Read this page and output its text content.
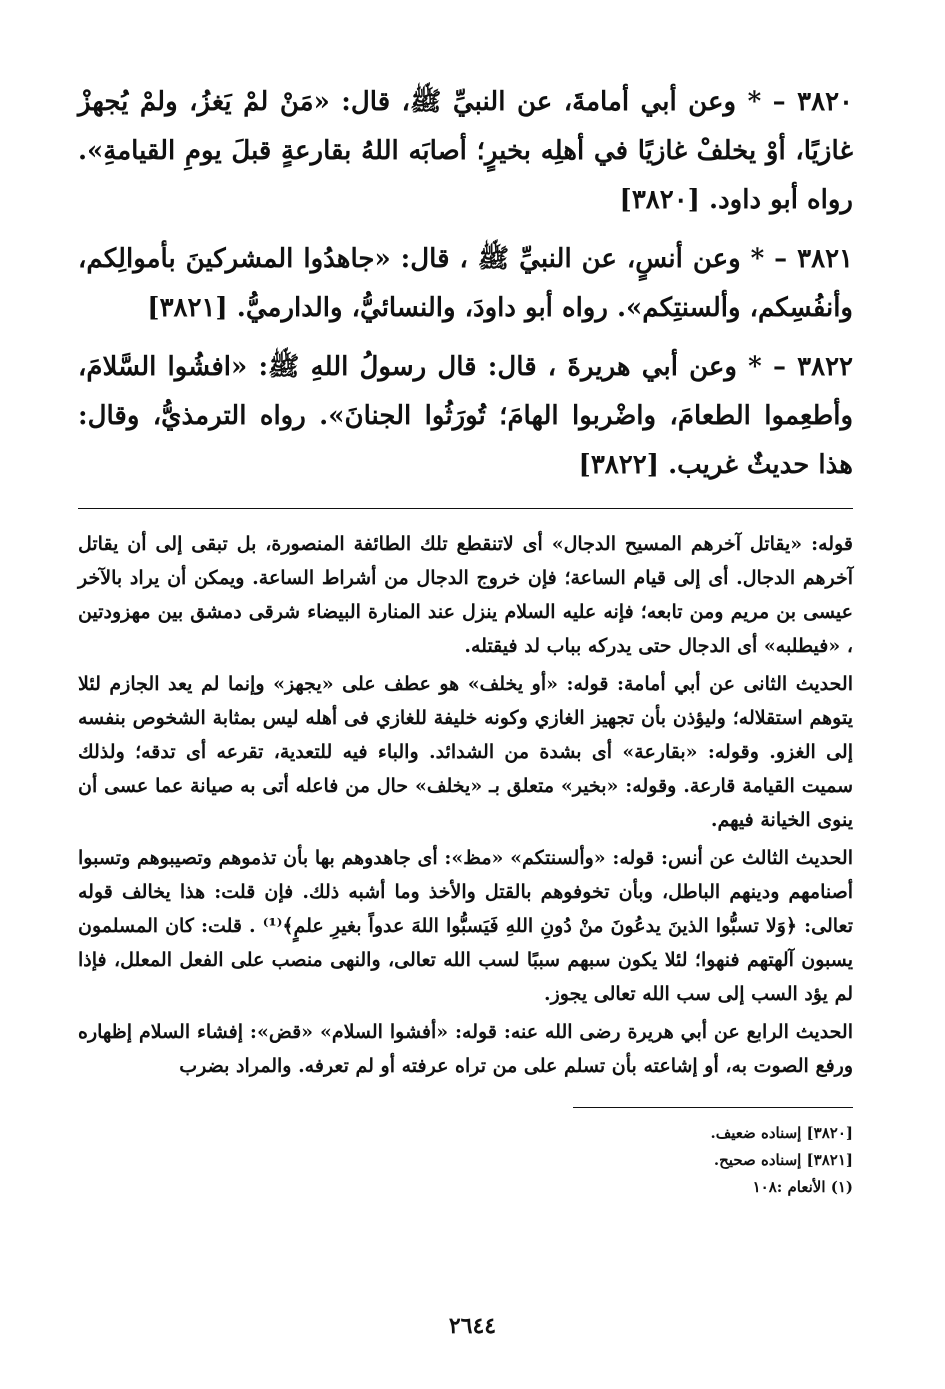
٣٨٢٠ – * وعن أبي أمامةَ، عن النبيِّ ﷺ، قال: «مَنْ لمْ يَغزُ، ولمْ يُجهزْ غازيًا، أوْ يخلفْ غازيًا في أهلِه بخيرٍ؛ أصابَه اللهُ بقارعةٍ قبلَ يومِ القيامةِ». رواه أبو داود. [٣٨٢٠]

٣٨٢١ – * وعن أنسٍ، عن النبيِّ ﷺ ، قال: «جاهدُوا المشركينَ بأموالِكم، وأنفُسِكم، وألسنتِكم». رواه أبو داودَ، والنسائيُّ، والدارميُّ. [٣٨٢١]

٣٨٢٢ – * وعن أبي هريرةَ ، قال: قال رسولُ اللهِ ﷺ: «افشُوا السَّلامَ، وأطعِموا الطعامَ، واضْربوا الهامَ؛ تُورَثُوا الجنانَ». رواه الترمذيُّ، وقال: هذا حديثٌ غريب. [٣٨٢٢]

قوله: «يقاتل آخرهم المسيح الدجال» أى لاتنقطع تلك الطائفة المنصورة، بل تبقى إلى أن يقاتل آخرهم الدجال. أى إلى قيام الساعة؛ فإن خروج الدجال من أشراط الساعة. ويمكن أن يراد بالآخر عيسى بن مريم ومن تابعه؛ فإنه عليه السلام ينزل عند المنارة البيضاء شرقى دمشق بين مهزودتين ، «فيطلبه» أى الدجال حتى يدركه بباب لد فيقتله.

الحديث الثانى عن أبي أمامة: قوله: «أو يخلف» هو عطف على «يجهز» وإنما لم يعد الجازم لئلا يتوهم استقلاله؛ وليؤذن بأن تجهيز الغازي وكونه خليفة للغازي فى أهله ليس بمثابة الشخوص بنفسه إلى الغزو. وقوله: «بقارعة» أى بشدة من الشدائد. والباء فيه للتعدية، تقرعه أى تدقه؛ ولذلك سميت القيامة قارعة. وقوله: «بخير» متعلق بـ «يخلف» حال من فاعله أتى به صيانة عما عسى أن ينوى الخيانة فيهم.

الحديث الثالث عن أنس: قوله: «وألسنتكم» «مظ»: أى جاهدوهم بها بأن تذموهم وتصيبوهم وتسبوا أصنامهم ودينهم الباطل، وبأن تخوفوهم بالقتل والأخذ وما أشبه ذلك. فإن قلت: هذا يخالف قوله تعالى: ﴿وَلا تسبُّوا الذينَ يدعُونَ منْ دُونِ اللهِ فَيَسبُّوا اللهَ عدواً بغيرِ علمٍ﴾⁽¹⁾ . قلت: كان المسلمون يسبون آلهتهم فنهوا؛ لئلا يكون سبهم سببًا لسب الله تعالى، والنهى منصب على الفعل المعلل، فإذا لم يؤد السب إلى سب الله تعالى يجوز.

الحديث الرابع عن أبي هريرة رضى الله عنه: قوله: «أفشوا السلام» «قض»: إفشاء السلام إظهاره ورفع الصوت به، أو إشاعته بأن تسلم على من تراه عرفته أو لم تعرفه. والمراد بضرب

[٣٨٢٠] إسناده ضعيف.

[٣٨٢١] إسناده صحيح.

(١) الأنعام :١٠٨

٢٦٤٤
